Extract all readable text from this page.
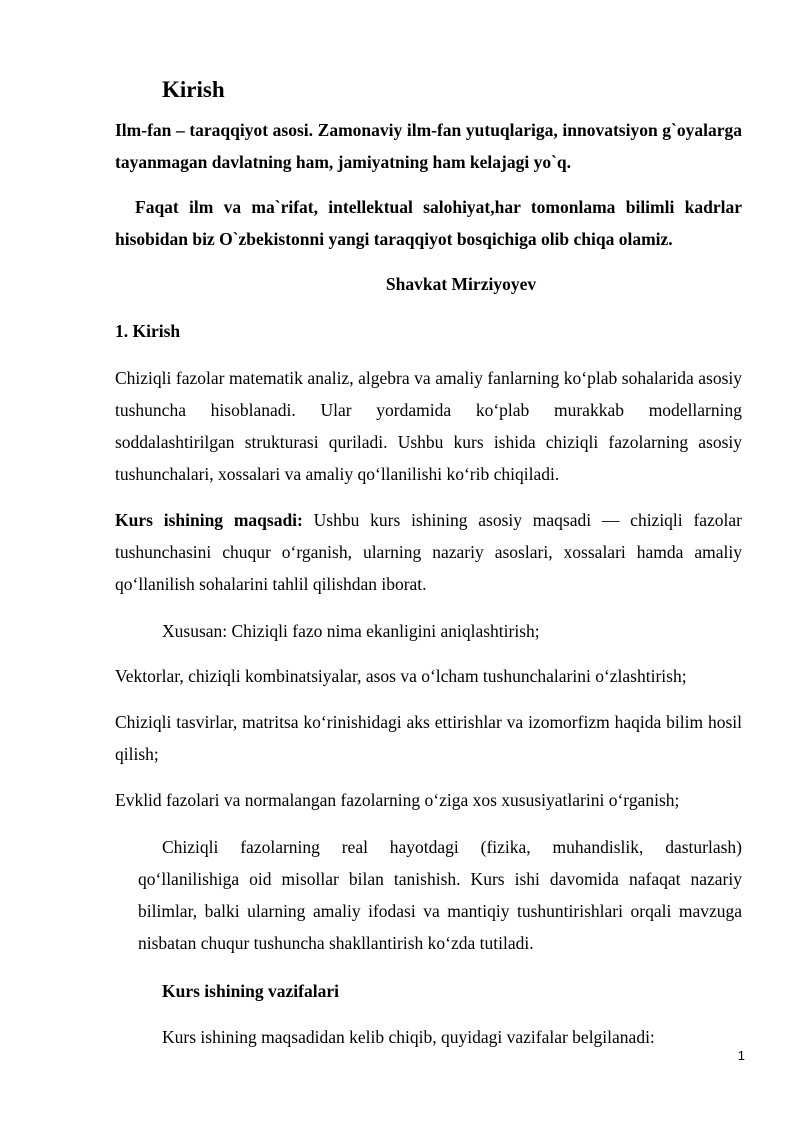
Kirish
Ilm-fan – taraqqiyot asosi. Zamonaviy ilm-fan yutuqlariga, innovatsiyon g`oyalarga tayanmagan davlatning ham, jamiyatning ham kelajagi yo`q.
Faqat ilm va ma`rifat, intellektual salohiyat,har tomonlama bilimli kadrlar hisobidan biz O`zbekistonni yangi taraqqiyot bosqichiga olib chiqa olamiz.
Shavkat Mirziyoyev
1. Kirish
Chiziqli fazolar matematik analiz, algebra va amaliy fanlarning ko‘plab sohalarida asosiy tushuncha hisoblanadi. Ular yordamida ko‘plab murakkab modellarning soddalashtirilgan strukturasi quriladi. Ushbu kurs ishida chiziqli fazolarning asosiy tushunchalari, xossalari va amaliy qo‘llanilishi ko‘rib chiqiladi.
Kurs ishining maqsadi: Ushbu kurs ishining asosiy maqsadi — chiziqli fazolar tushunchasini chuqur o‘rganish, ularning nazariy asoslari, xossalari hamda amaliy qo‘llanilish sohalarini tahlil qilishdan iborat.
Xususan: Chiziqli fazo nima ekanligini aniqlashtirish;
Vektorlar, chiziqli kombinatsiyalar, asos va o‘lcham tushunchalarini o‘zlashtirish;
Chiziqli tasvirlar, matritsa ko‘rinishidagi aks ettirishlar va izomorfizm haqida bilim hosil qilish;
Evklid fazolari va normalangan fazolarning o‘ziga xos xususiyatlarini o‘rganish;
Chiziqli fazolarning real hayotdagi (fizika, muhandislik, dasturlash) qo‘llanilishiga oid misollar bilan tanishish. Kurs ishi davomida nafaqat nazariy bilimlar, balki ularning amaliy ifodasi va mantiqiy tushuntirishlari orqali mavzuga nisbatan chuqur tushuncha shakllantirish ko‘zda tutiladi.
Kurs ishining vazifalari
Kurs ishining maqsadidan kelib chiqib, quyidagi vazifalar belgilanadi:
1
